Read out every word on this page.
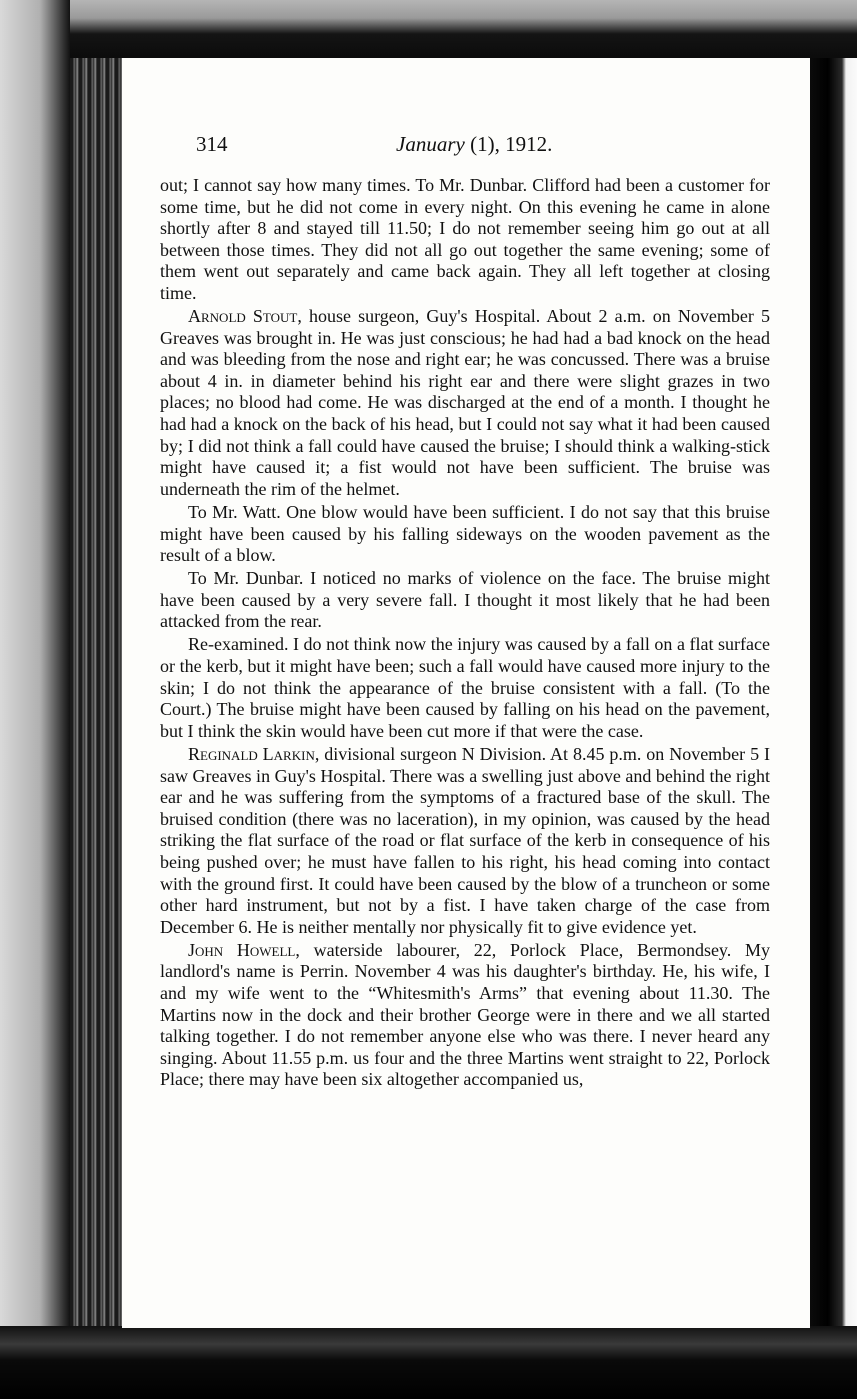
314	January (1), 1912.

out; I cannot say how many times. To Mr. Dunbar. Clifford had been a customer for some time, but he did not come in every night. On this evening he came in alone shortly after 8 and stayed till 11.50; I do not remember seeing him go out at all between those times. They did not all go out together the same evening; some of them went out separately and came back again. They all left together at closing time.

Arnold Stout, house surgeon, Guy's Hospital. About 2 a.m. on November 5 Greaves was brought in. He was just conscious; he had had a bad knock on the head and was bleeding from the nose and right ear; he was concussed. There was a bruise about 4 in. in diameter behind his right ear and there were slight grazes in two places; no blood had come. He was discharged at the end of a month. I thought he had had a knock on the back of his head, but I could not say what it had been caused by; I did not think a fall could have caused the bruise; I should think a walking-stick might have caused it; a fist would not have been sufficient. The bruise was underneath the rim of the helmet.

To Mr. Watt. One blow would have been sufficient. I do not say that this bruise might have been caused by his falling sideways on the wooden pavement as the result of a blow.

To Mr. Dunbar. I noticed no marks of violence on the face. The bruise might have been caused by a very severe fall. I thought it most likely that he had been attacked from the rear.

Re-examined. I do not think now the injury was caused by a fall on a flat surface or the kerb, but it might have been; such a fall would have caused more injury to the skin; I do not think the appearance of the bruise consistent with a fall. (To the Court.) The bruise might have been caused by falling on his head on the pavement, but I think the skin would have been cut more if that were the case.

Reginald Larkin, divisional surgeon N Division. At 8.45 p.m. on November 5 I saw Greaves in Guy's Hospital. There was a swelling just above and behind the right ear and he was suffering from the symptoms of a fractured base of the skull. The bruised condition (there was no laceration), in my opinion, was caused by the head striking the flat surface of the road or flat surface of the kerb in consequence of his being pushed over; he must have fallen to his right, his head coming into contact with the ground first. It could have been caused by the blow of a truncheon or some other hard instrument, but not by a fist. I have taken charge of the case from December 6. He is neither mentally nor physically fit to give evidence yet.

John Howell, waterside labourer, 22, Porlock Place, Bermondsey. My landlord's name is Perrin. November 4 was his daughter's birthday. He, his wife, I and my wife went to the “Whitesmith's Arms” that evening about 11.30. The Martins now in the dock and their brother George were in there and we all started talking together. I do not remember anyone else who was there. I never heard any singing. About 11.55 p.m. us four and the three Martins went straight to 22, Porlock Place; there may have been six altogether accompanied us,
